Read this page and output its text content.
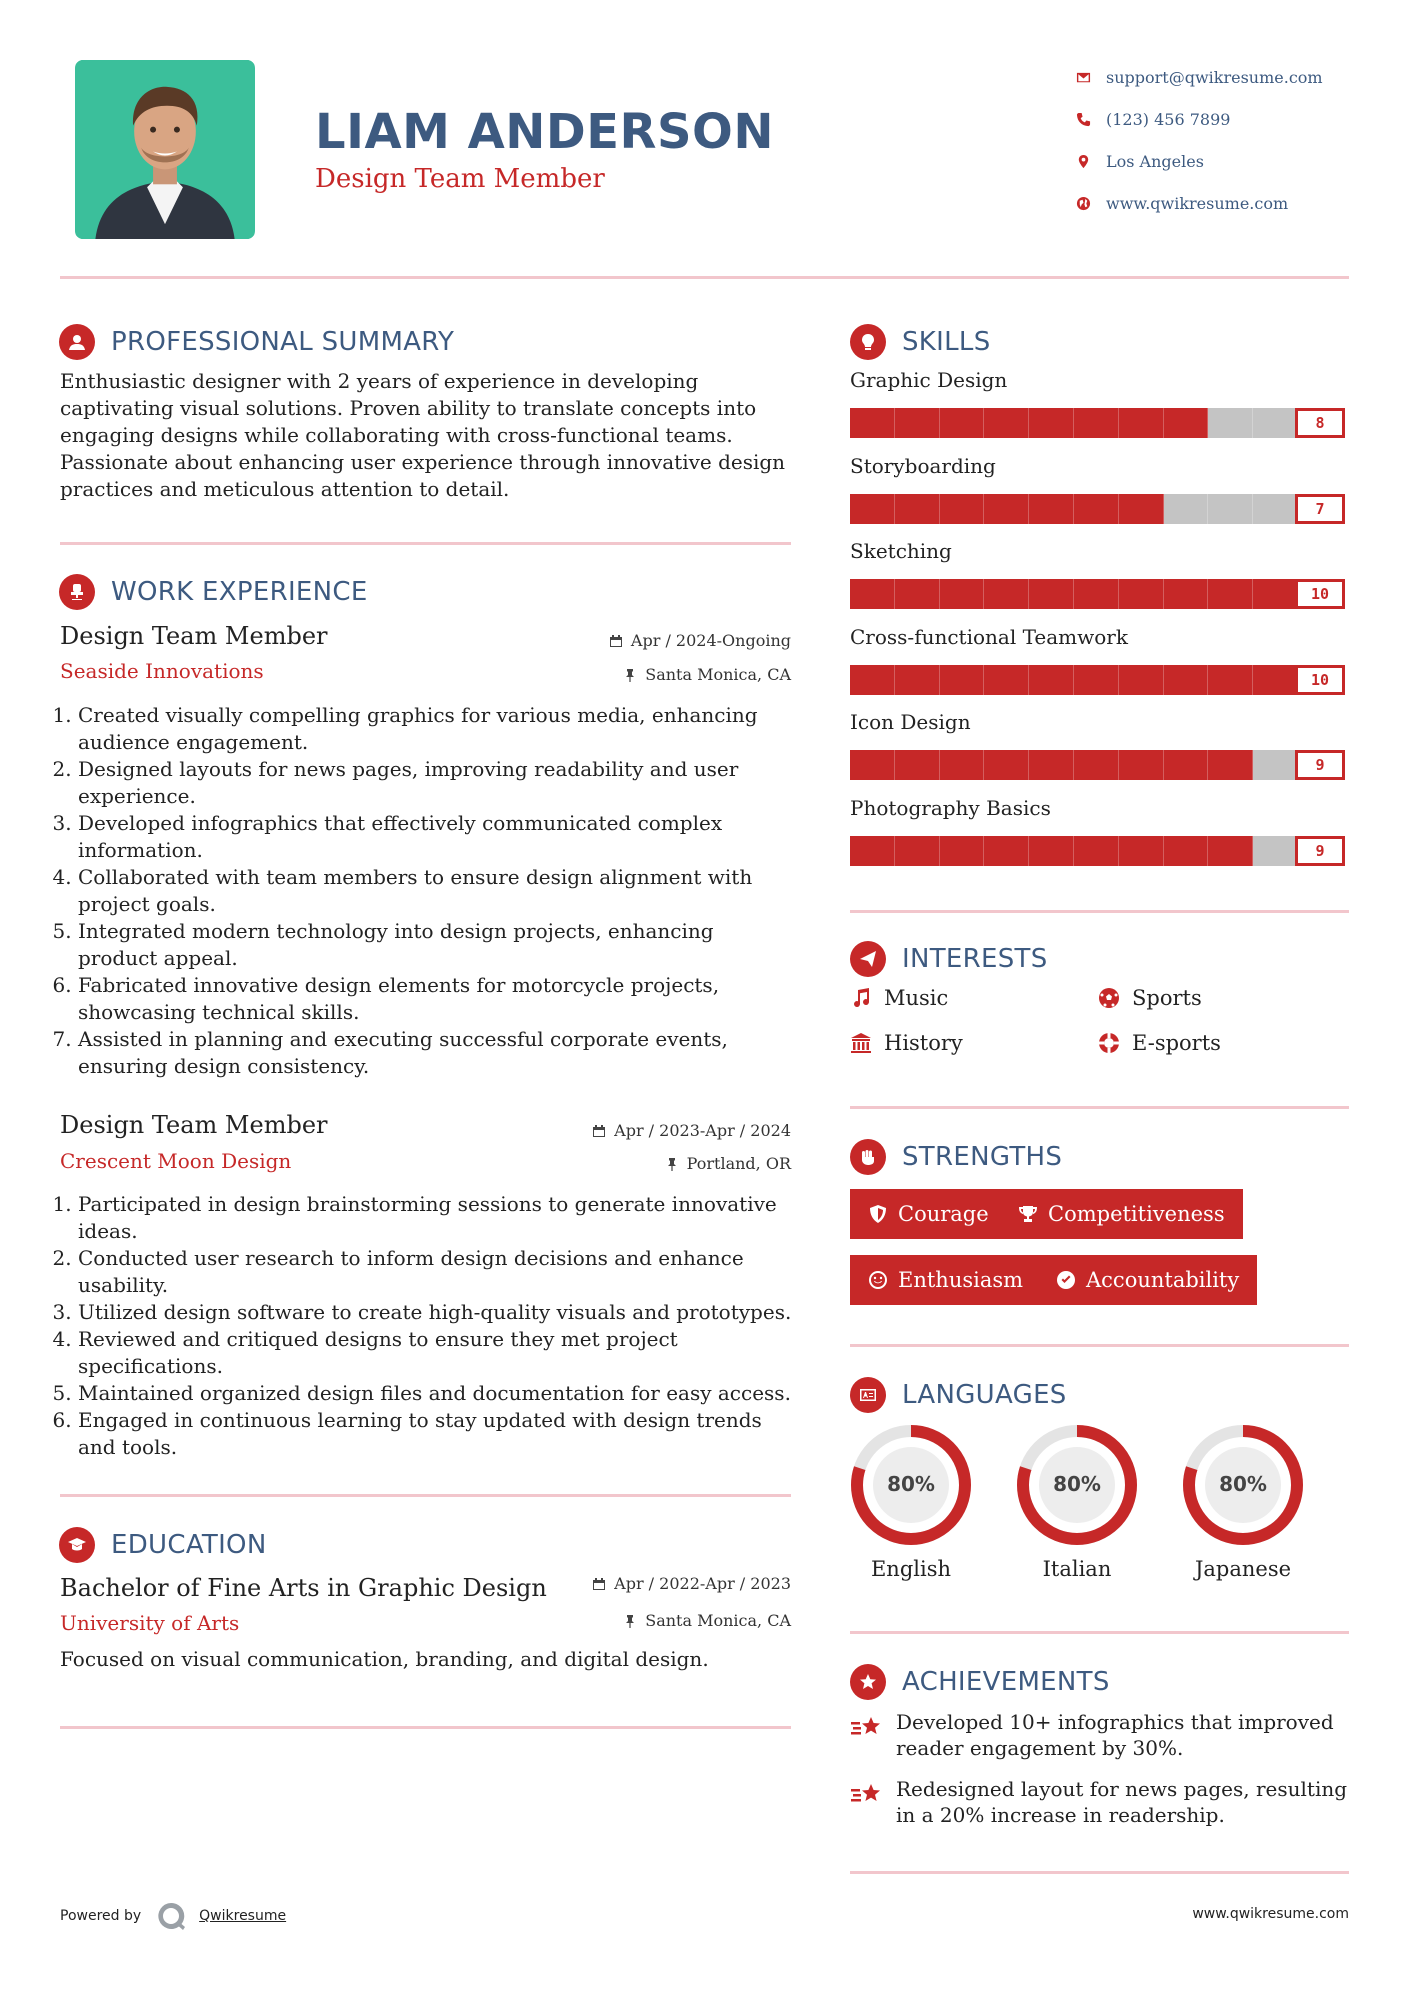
LIAM ANDERSON
Design Team Member
support@qwikresume.com
(123) 456 7899
Los Angeles
www.qwikresume.com
PROFESSIONAL SUMMARY
Enthusiastic designer with 2 years of experience in developing captivating visual solutions. Proven ability to translate concepts into engaging designs while collaborating with cross-functional teams. Passionate about enhancing user experience through innovative design practices and meticulous attention to detail.
WORK EXPERIENCE
Design Team Member
Seaside Innovations
Apr / 2024-Ongoing
Santa Monica, CA
1. Created visually compelling graphics for various media, enhancing audience engagement.
2. Designed layouts for news pages, improving readability and user experience.
3. Developed infographics that effectively communicated complex information.
4. Collaborated with team members to ensure design alignment with project goals.
5. Integrated modern technology into design projects, enhancing product appeal.
6. Fabricated innovative design elements for motorcycle projects, showcasing technical skills.
7. Assisted in planning and executing successful corporate events, ensuring design consistency.
Design Team Member
Crescent Moon Design
Apr / 2023-Apr / 2024
Portland, OR
1. Participated in design brainstorming sessions to generate innovative ideas.
2. Conducted user research to inform design decisions and enhance usability.
3. Utilized design software to create high-quality visuals and prototypes.
4. Reviewed and critiqued designs to ensure they met project specifications.
5. Maintained organized design files and documentation for easy access.
6. Engaged in continuous learning to stay updated with design trends and tools.
EDUCATION
Bachelor of Fine Arts in Graphic Design
University of Arts
Apr / 2022-Apr / 2023
Santa Monica, CA
Focused on visual communication, branding, and digital design.
SKILLS
Graphic Design
8
Storyboarding
7
Sketching
10
Cross-functional Teamwork
10
Icon Design
9
Photography Basics
9
INTERESTS
Music	Sports
History	E-sports
STRENGTHS
Courage	Competitiveness
Enthusiasm	Accountability
LANGUAGES
80%
English
80%
Italian
80%
Japanese
ACHIEVEMENTS
Developed 10+ infographics that improved reader engagement by 30%.
Redesigned layout for news pages, resulting in a 20% increase in readership.
Powered by	Qwikresume	www.qwikresume.com
